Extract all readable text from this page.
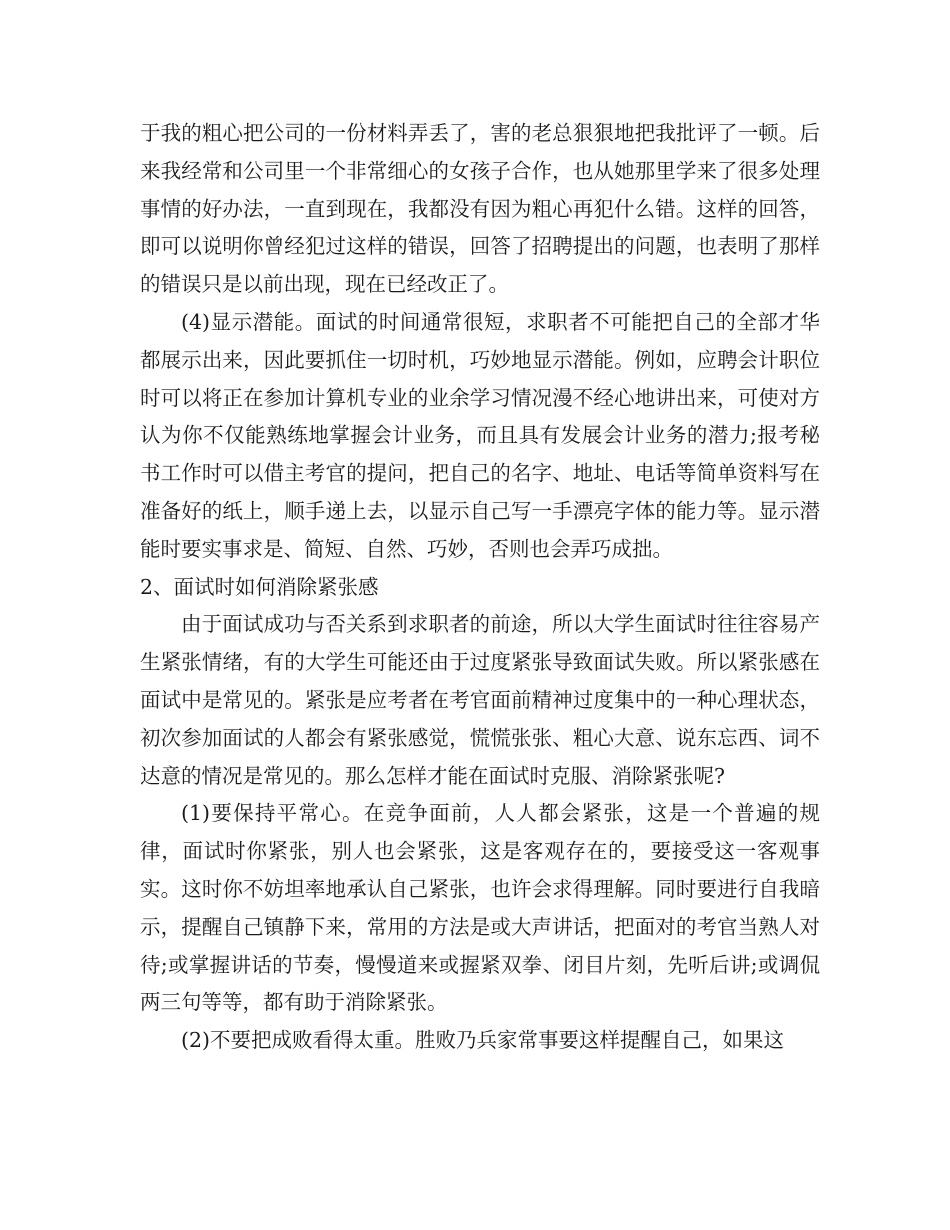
于我的粗心把公司的一份材料弄丢了，害的老总狠狠地把我批评了一顿。后来我经常和公司里一个非常细心的女孩子合作，也从她那里学来了很多处理事情的好办法，一直到现在，我都没有因为粗心再犯什么错。这样的回答，即可以说明你曾经犯过这样的错误，回答了招聘提出的问题，也表明了那样的错误只是以前出现，现在已经改正了。

(4)显示潜能。面试的时间通常很短，求职者不可能把自己的全部才华都展示出来，因此要抓住一切时机，巧妙地显示潜能。例如，应聘会计职位时可以将正在参加计算机专业的业余学习情况漫不经心地讲出来，可使对方认为你不仅能熟练地掌握会计业务，而且具有发展会计业务的潜力;报考秘书工作时可以借主考官的提问，把自己的名字、地址、电话等简单资料写在准备好的纸上，顺手递上去，以显示自己写一手漂亮字体的能力等。显示潜能时要实事求是、简短、自然、巧妙，否则也会弄巧成拙。

2、面试时如何消除紧张感

由于面试成功与否关系到求职者的前途，所以大学生面试时往往容易产生紧张情绪，有的大学生可能还由于过度紧张导致面试失败。所以紧张感在面试中是常见的。紧张是应考者在考官面前精神过度集中的一种心理状态，初次参加面试的人都会有紧张感觉，慌慌张张、粗心大意、说东忘西、词不达意的情况是常见的。那么怎样才能在面试时克服、消除紧张呢?

(1)要保持平常心。在竞争面前，人人都会紧张，这是一个普遍的规律，面试时你紧张，别人也会紧张，这是客观存在的，要接受这一客观事实。这时你不妨坦率地承认自己紧张，也许会求得理解。同时要进行自我暗示，提醒自己镇静下来，常用的方法是或大声讲话，把面对的考官当熟人对待;或掌握讲话的节奏，慢慢道来或握紧双拳、闭目片刻，先听后讲;或调侃两三句等等，都有助于消除紧张。

(2)不要把成败看得太重。胜败乃兵家常事要这样提醒自己，如果这
